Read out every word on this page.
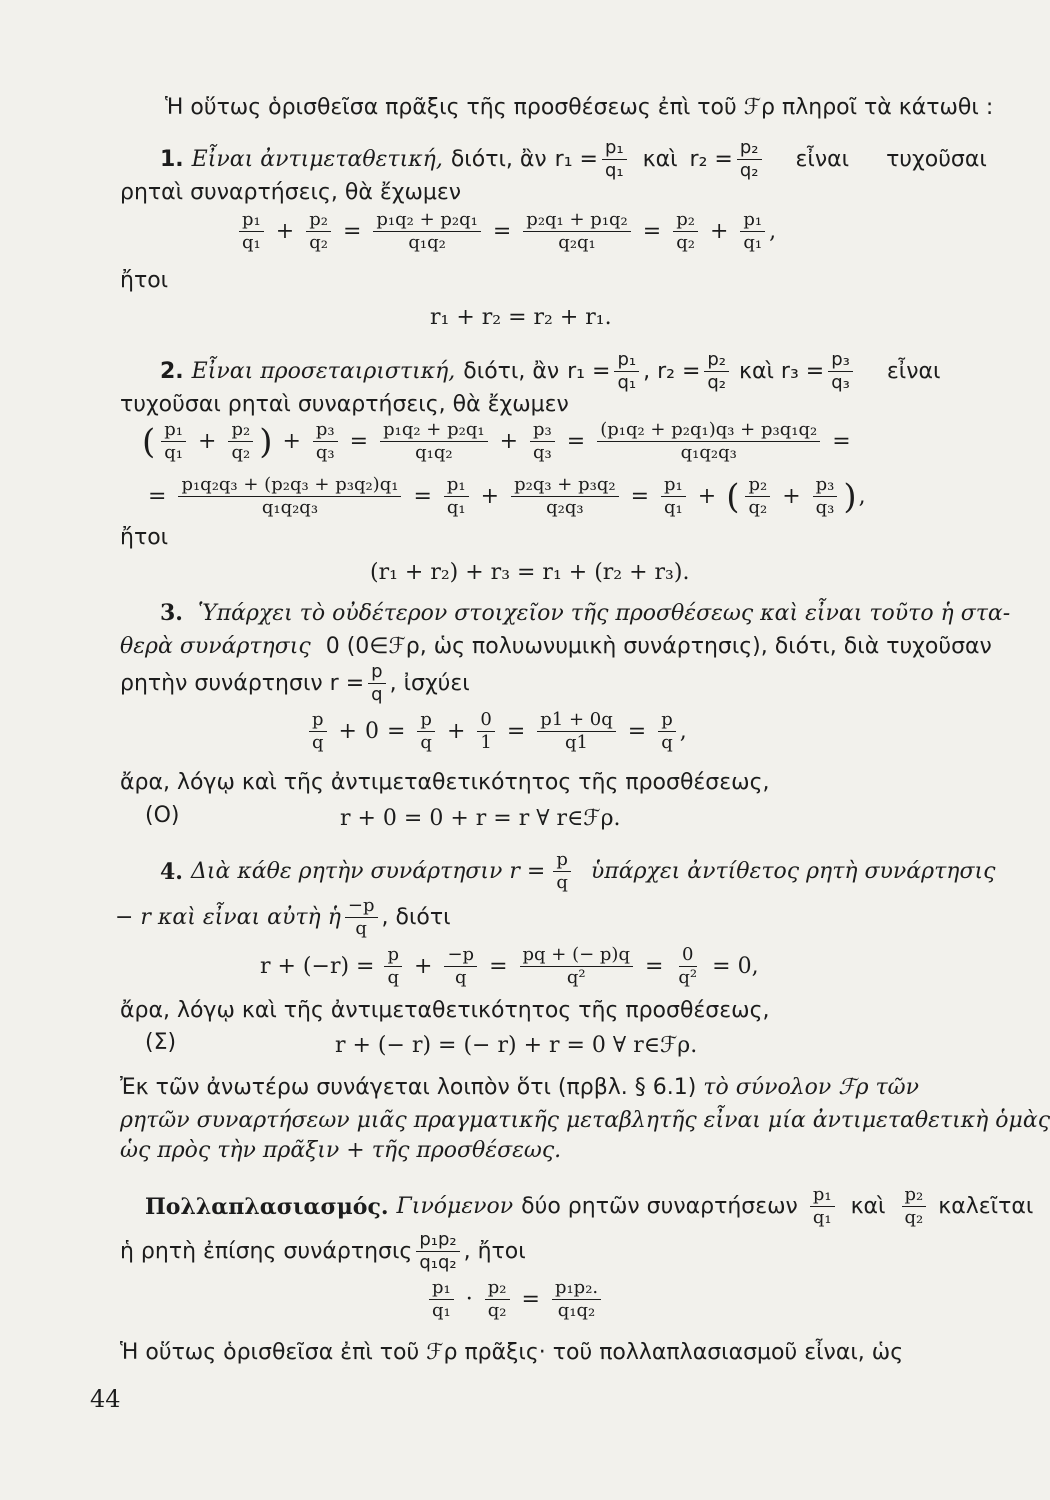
Ἡ οὕτως ὁρισθεῖσα πρᾶξις τῆς προσθέσεως ἐπὶ τοῦ ℱρ πληροῖ τὰ κάτωθι :
1. Εἶναι ἀντιμεταθετική, διότι, ἂν $r_1 = \frac{\text{p₁}}{\text{q₁}}$ καὶ $r_2 = \frac{\text{p₂}}{\text{q₂}}$ εἶναι τυχοῦσαι
ρηταὶ συναρτήσεις, θὰ ἔχωμεν
$\frac{\text{p₁}}{\text{q₁}} + \frac{\text{p₂}}{\text{q₂}} = \frac{\text{p₁q₂ + p₂q₁}}{\text{q₁q₂}} = \frac{\text{p₂q₁ + p₁q₂}}{\text{q₂q₁}} = \frac{\text{p₂}}{\text{q₂}} + \frac{\text{p₁}}{\text{q₁}}$ ,
ἤτοι
r₁ + r₂ = r₂ + r₁.
2. Εἶναι προσεταιριστική, διότι, ἂν $r_1 = \frac{\text{p₁}}{\text{q₁}}$ , $r_2 = \frac{\text{p₂}}{\text{q₂}}$ καὶ $r_3 = \frac{\text{p₃}}{\text{q₃}}$ εἶναι
τυχοῦσαι ρηταὶ συναρτήσεις, θὰ ἔχωμεν
( $\frac{\text{p₁}}{\text{q₁}} + \frac{\text{p₂}}{\text{q₂}}$ ) + $\frac{\text{p₃}}{\text{q₃}} = \frac{\text{p₁q₂ + p₂q₁}}{\text{q₁q₂}} + \frac{\text{p₃}}{\text{q₃}} = \frac{\text{(p₁q₂ + p₂q₁)q₃ + p₃q₁q₂}}{\text{q₁q₂q₃}}$ =
= $\frac{\text{p₁q₂q₃ + (p₂q₃ + p₃q₂)q₁}}{\text{q₁q₂q₃}} = \frac{\text{p₁}}{\text{q₁}} + \frac{\text{p₂q₃ + p₃q₂}}{\text{q₂q₃}} = \frac{\text{p₁}}{\text{q₁}}$ + ( $\frac{\text{p₂}}{\text{q₂}} + \frac{\text{p₃}}{\text{q₃}}$ ) ,
ἤτοι
(r₁ + r₂) + r₃ = r₁ + (r₂ + r₃).
3. Ὑπάρχει τὸ οὐδέτερον στοιχεῖον τῆς προσθέσεως καὶ εἶναι τοῦτο ἡ στα-
θερὰ συνάρτησις 0 (0∈ℱρ, ὡς πολυωνυμικὴ συνάρτησις), διότι, διὰ τυχοῦσαν
ρητὴν συνάρτησιν $r = \frac{p}{q}$ , ἰσχύει
$\frac{p}{q} + 0 = \frac{p}{q} + \frac{0}{1} = \frac{p1 + 0q}{q1} = \frac{p}{q}$ ,
ἄρα, λόγῳ καὶ τῆς ἀντιμεταθετικότητος τῆς προσθέσεως,
(O)	r + 0 = 0 + r = r ∀ r∈ℱρ.
4. Διὰ κάθε ρητὴν συνάρτησιν $r = \frac{p}{q}$ ὑπάρχει ἀντίθετος ρητὴ συνάρτησις
− r καὶ εἶναι αὐτὴ ἡ $\frac{-p}{q}$ , διότι
$r + (-r) = \frac{p}{q} + \frac{-p}{q} = \frac{pq + (- p)q}{\text{q²}} = \frac{0}{\text{q²}} = 0$,
ἄρα, λόγῳ καὶ τῆς ἀντιμεταθετικότητος τῆς προσθέσεως,
(Σ)	r + (− r) = (− r) + r = 0 ∀ r∈ℱρ.
Ἐκ τῶν ἀνωτέρω συνάγεται λοιπὸν ὅτι (πρβλ. § 6.1) τὸ σύνολον ℱρ τῶν
ρητῶν συναρτήσεων μιᾶς πραγματικῆς μεταβλητῆς εἶναι μία ἀντιμεταθετικὴ ὁμὰς
ὡς πρὸς τὴν πρᾶξιν + τῆς προσθέσεως.
Πολλαπλασιασμός. Γινόμενον δύο ρητῶν συναρτήσεων $\frac{\text{p₁}}{\text{q₁}}$ καὶ $\frac{\text{p₂}}{\text{q₂}}$ καλεῖται
ἡ ρητὴ ἐπίσης συνάρτησις $\frac{\text{p₁p₂}}{\text{q₁q₂}}$ , ἤτοι
$\frac{\text{p₁}}{\text{q₁}} \cdot \frac{\text{p₂}}{\text{q₂}} = \frac{\text{p₁p₂.}}{\text{q₁q₂}}$
Ἡ οὕτως ὁρισθεῖσα ἐπὶ τοῦ ℱρ πρᾶξις· τοῦ πολλαπλασιασμοῦ εἶναι, ὡς
44
